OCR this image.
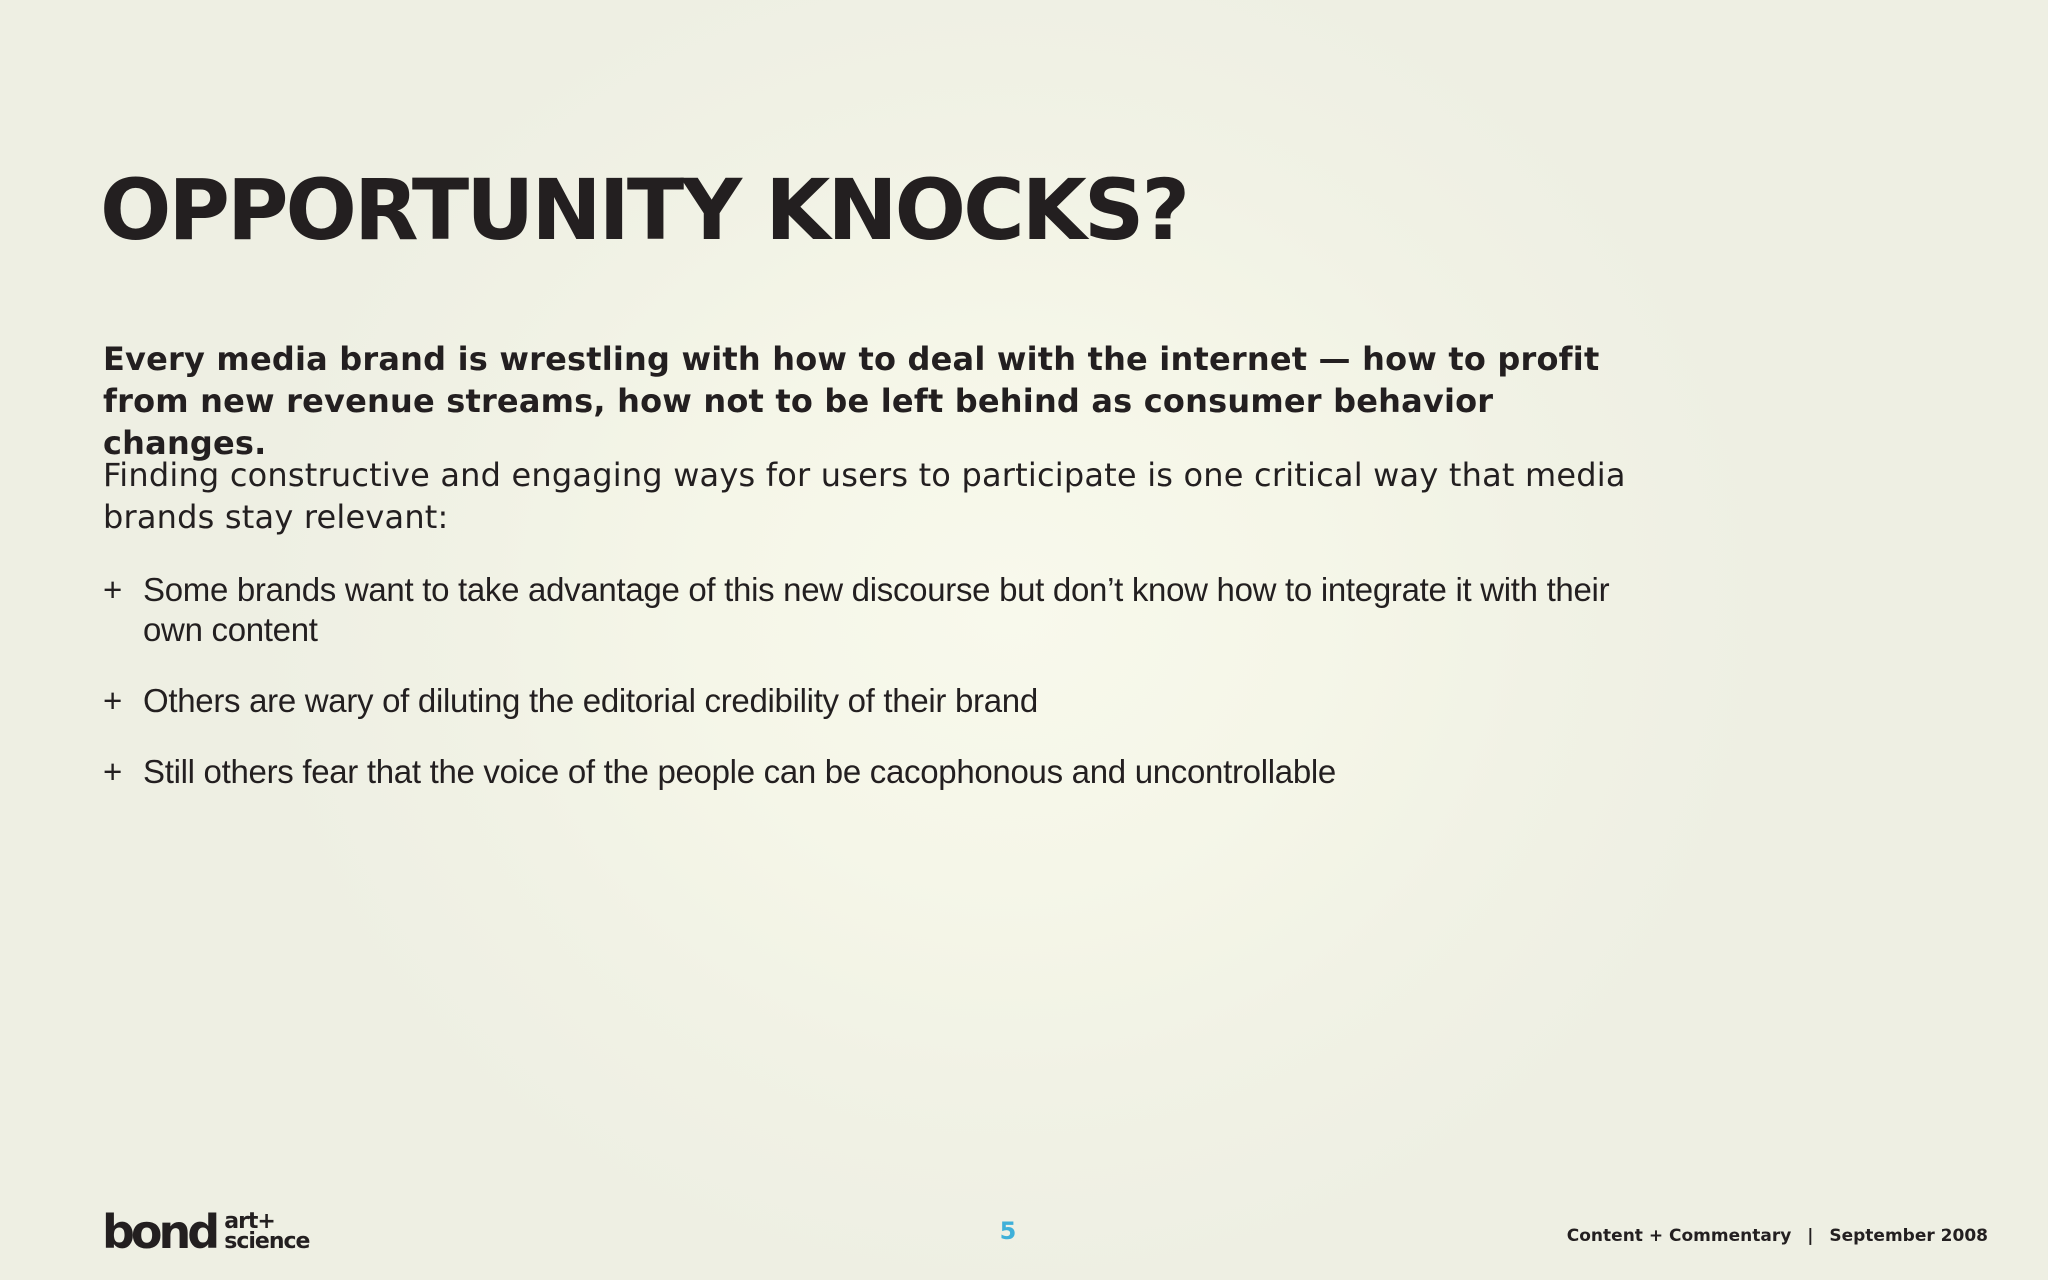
OPPORTUNITY KNOCKS?

Every media brand is wrestling with how to deal with the internet — how to profit from new revenue streams, how not to be left behind as consumer behavior changes.

Finding constructive and engaging ways for users to participate is one critical way that media brands stay relevant:

+ Some brands want to take advantage of this new discourse but don’t know how to integrate it with their own content
+ Others are wary of diluting the editorial credibility of their brand
+ Still others fear that the voice of the people can be cacophonous and uncontrollable
bond art+
science	5	Content + Commentary | September 2008
